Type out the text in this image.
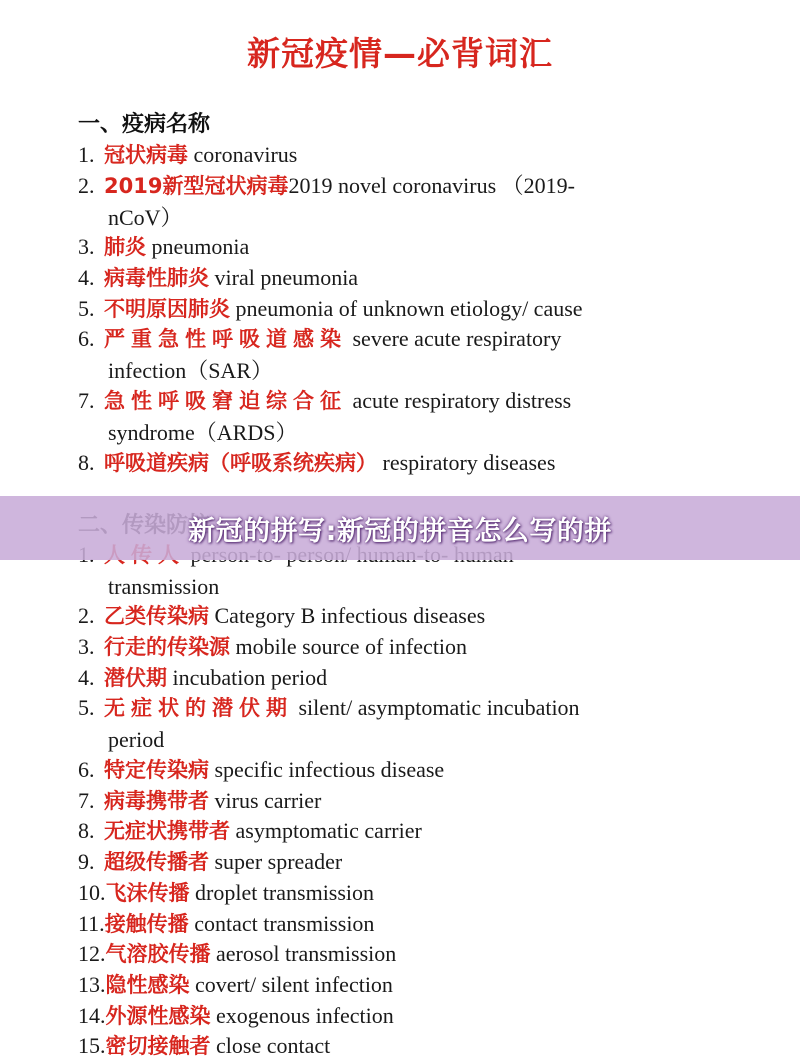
新冠疫情—必背词汇
一、疫病名称
1. 冠状病毒 coronavirus
2. 2019新型冠状病毒2019 novel coronavirus （2019-
nCoV）
3. 肺炎 pneumonia
4. 病毒性肺炎 viral pneumonia
5. 不明原因肺炎 pneumonia of unknown etiology/ cause
6. 严重急性呼吸道感染 severe acute respiratory
infection（SAR）
7. 急性呼吸窘迫综合征 acute respiratory distress
syndrome（ARDS）
8. 呼吸道疾病（呼吸系统疾病） respiratory diseases
transmission
2. 乙类传染病 Category B infectious diseases
3. 行走的传染源 mobile source of infection
4. 潜伏期 incubation period
5. 无症状的潜伏期 silent/ asymptomatic incubation
period
6. 特定传染病 specific infectious disease
7. 病毒携带者 virus carrier
8. 无症状携带者 asymptomatic carrier
9. 超级传播者 super spreader
10.飞沫传播 droplet transmission
11.接触传播 contact transmission
12.气溶胶传播 aerosol transmission
13.隐性感染 covert/ silent infection
14.外源性感染 exogenous infection
15.密切接触者 close contact
新冠的拼写:新冠的拼音怎么写的拼
